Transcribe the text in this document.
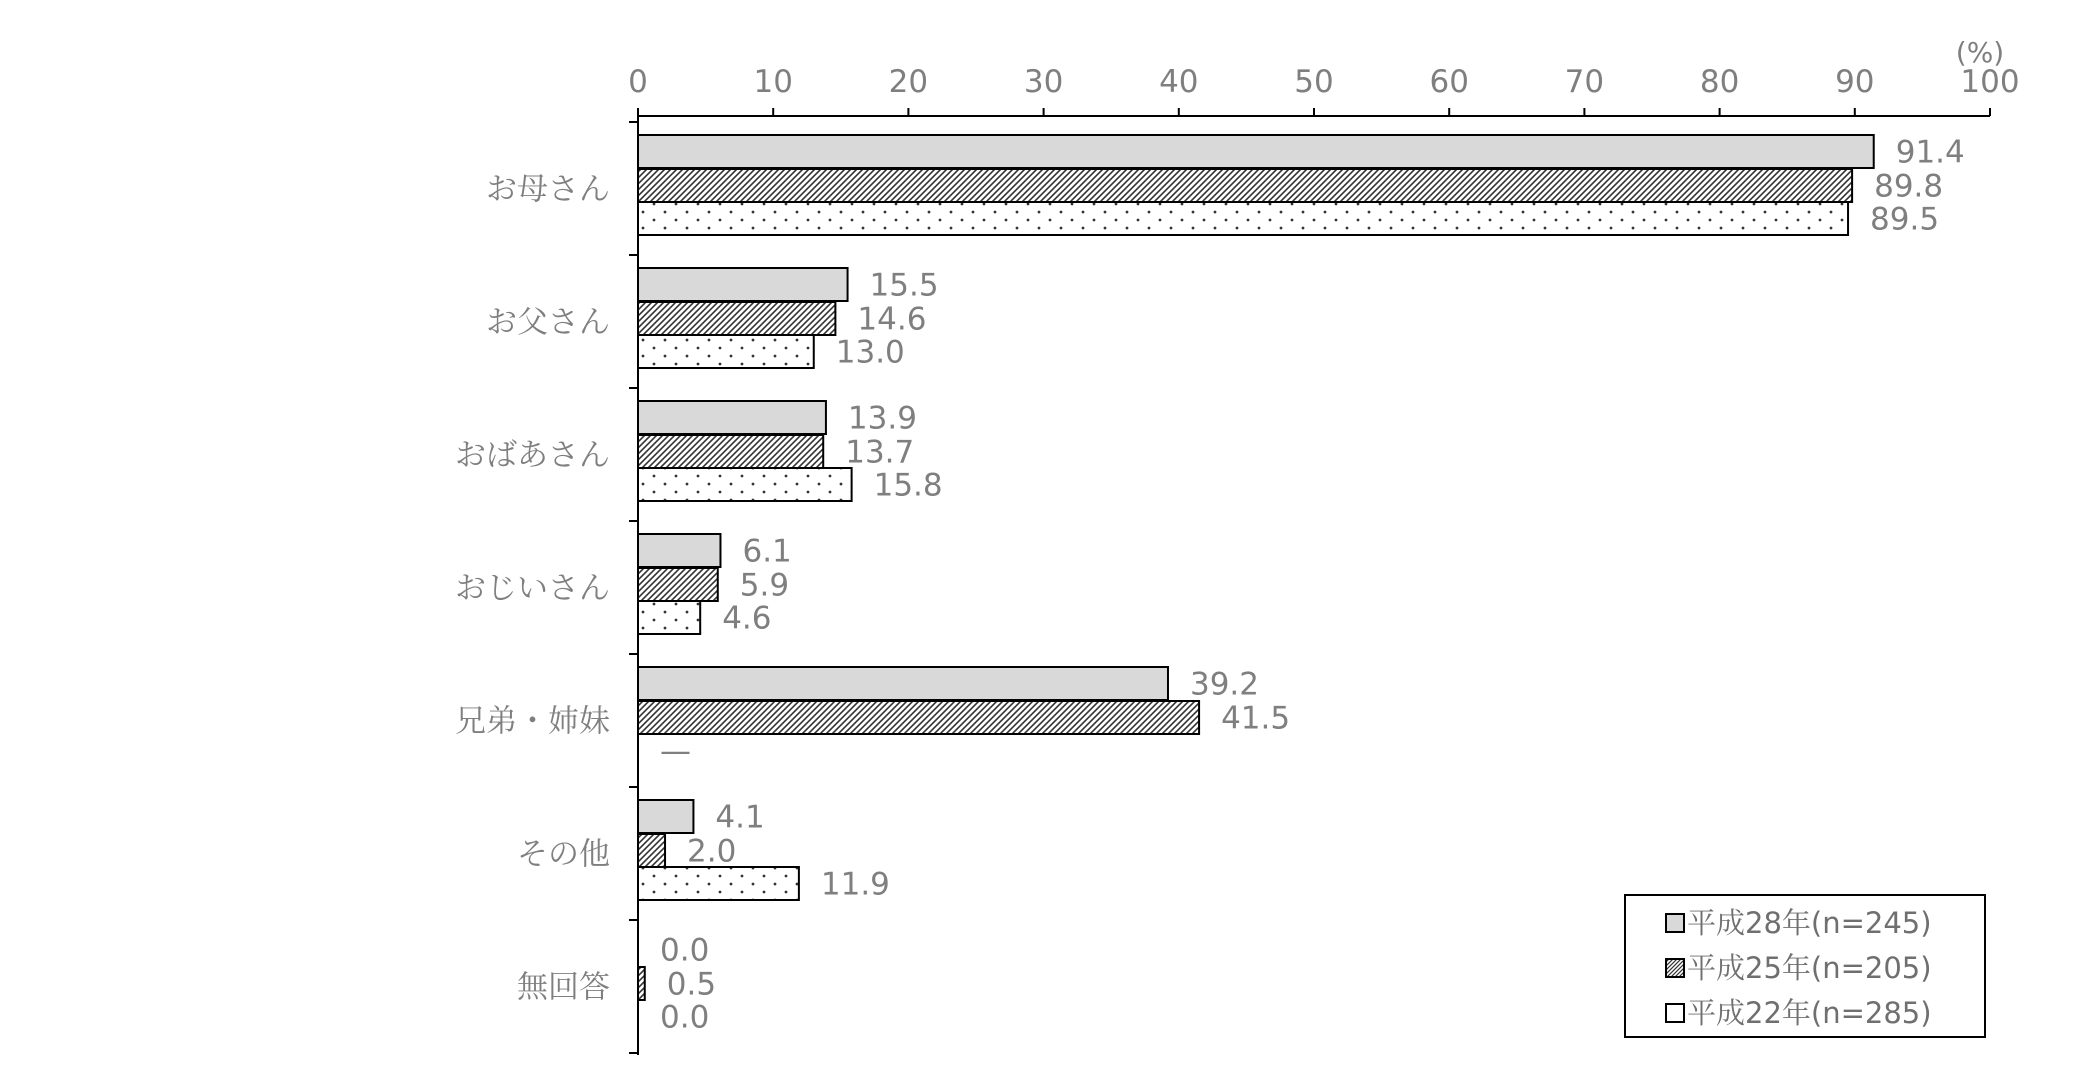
0	10	20	30	40	50	60	70	80	90	100
(%)
お母さん
お父さん
おばあさん
おじいさん
兄弟・姉妹
その他
無回答
91.4
15.5
13.9
6.1
39.2
4.1
0.0
89.8
14.6
13.7
5.9
41.5
2.0
0.5
89.5
13.0
15.8
4.6
—
11.9
0.0
平成28年(n=245)
平成25年(n=205)
平成22年(n=285)
